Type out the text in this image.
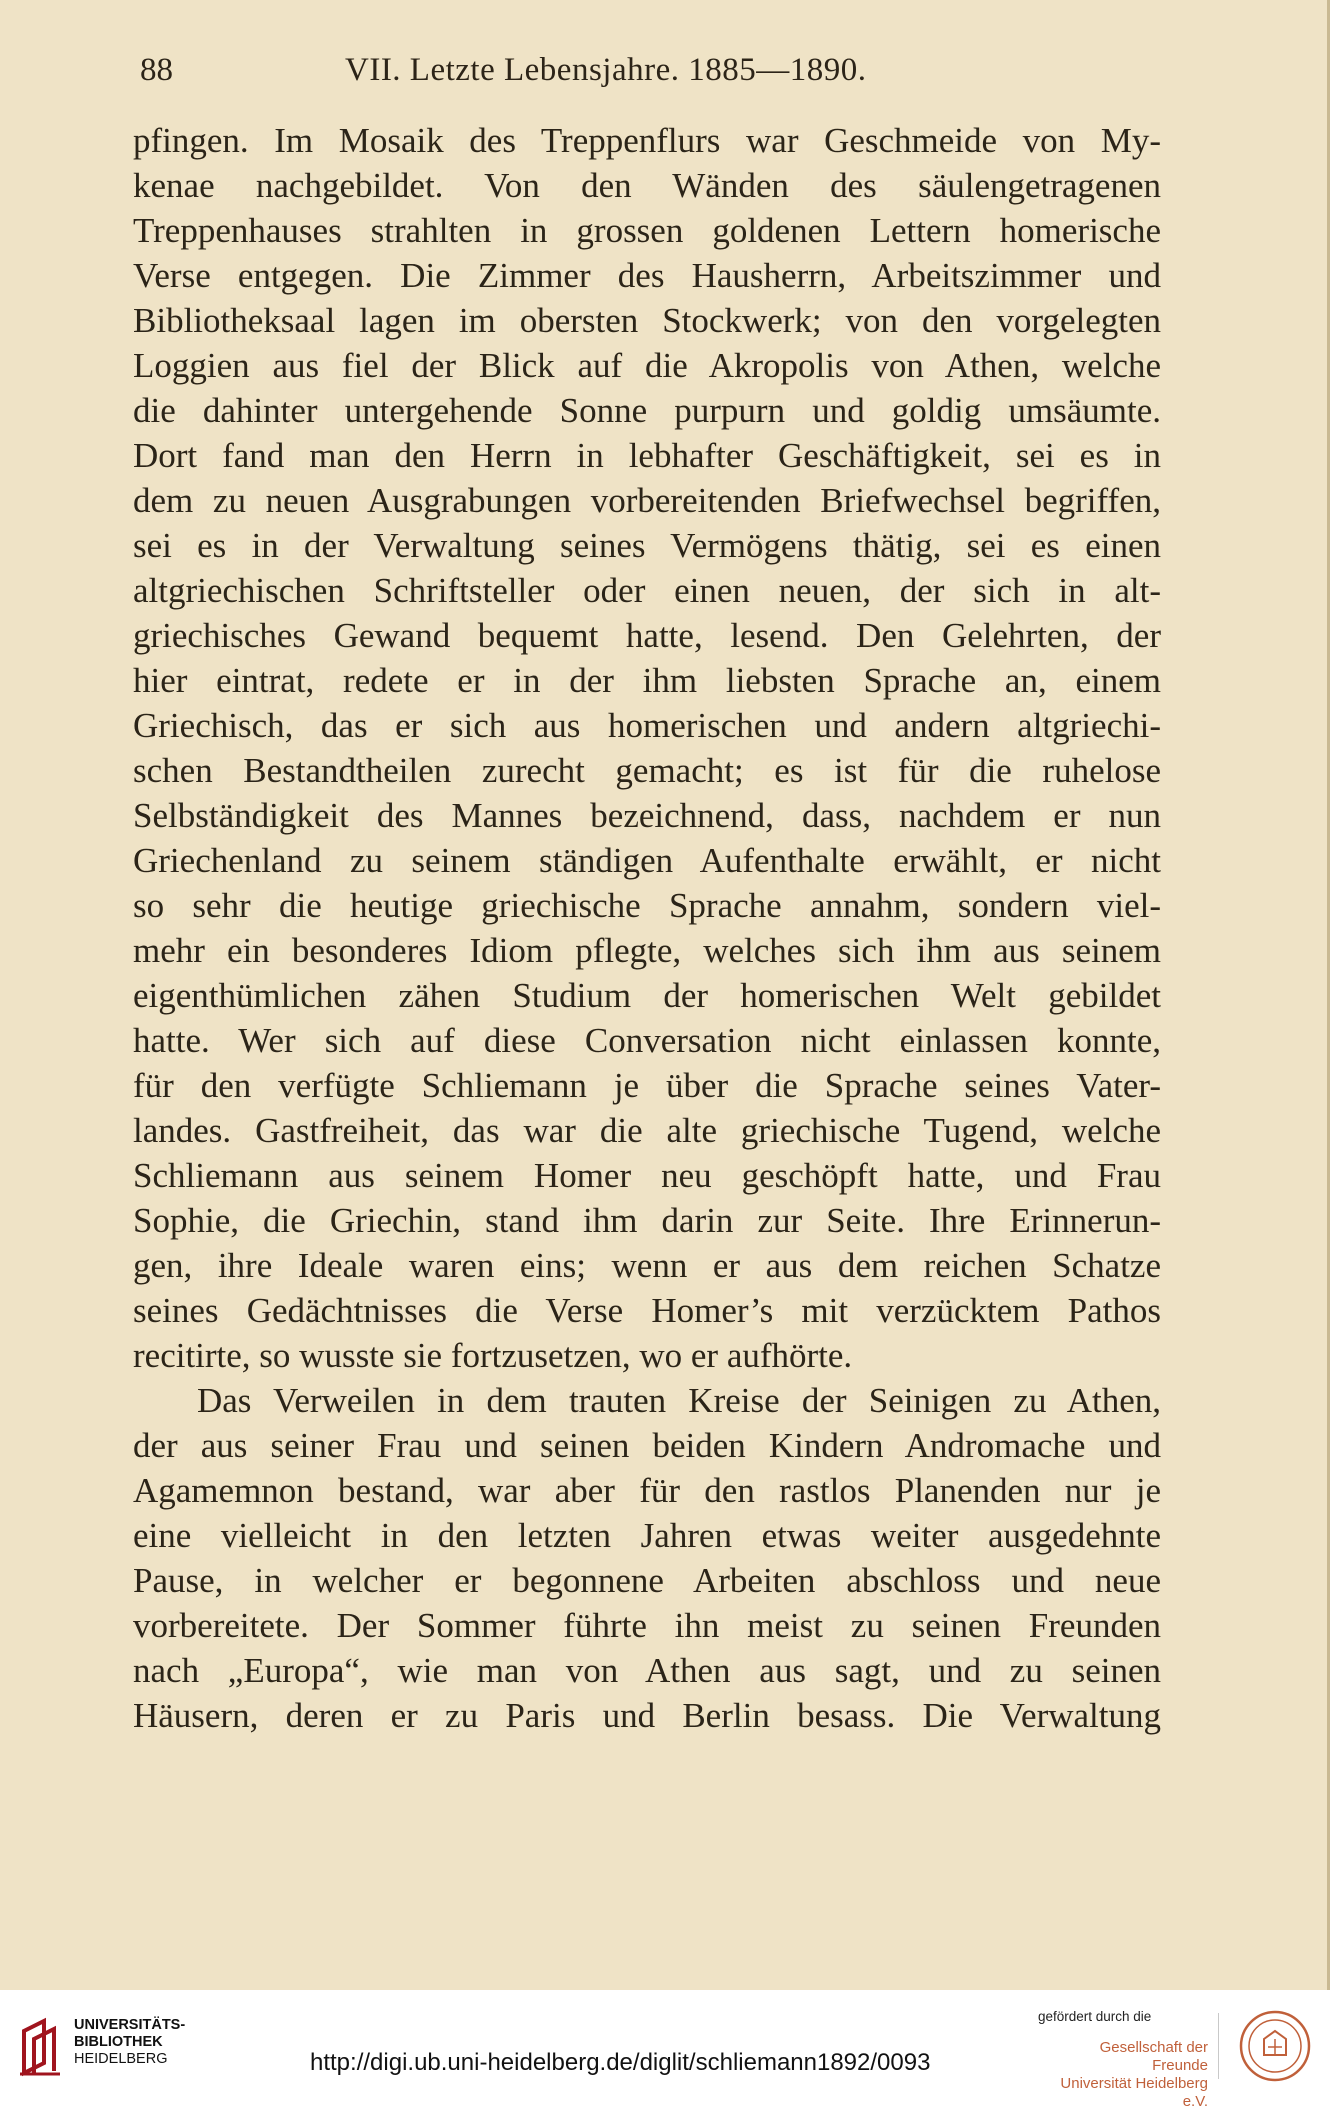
88	VII. Letzte Lebensjahre. 1885—1890.
pfingen. Im Mosaik des Treppenflurs war Geschmeide von My-
kenae nachgebildet. Von den Wänden des säulengetragenen
Treppenhauses strahlten in grossen goldenen Lettern homerische
Verse entgegen. Die Zimmer des Hausherrn, Arbeitszimmer und
Bibliotheksaal lagen im obersten Stockwerk; von den vorgelegten
Loggien aus fiel der Blick auf die Akropolis von Athen, welche
die dahinter untergehende Sonne purpurn und goldig umsäumte.
Dort fand man den Herrn in lebhafter Geschäftigkeit, sei es in
dem zu neuen Ausgrabungen vorbereitenden Briefwechsel begriffen,
sei es in der Verwaltung seines Vermögens thätig, sei es einen
altgriechischen Schriftsteller oder einen neuen, der sich in alt-
griechisches Gewand bequemt hatte, lesend. Den Gelehrten, der
hier eintrat, redete er in der ihm liebsten Sprache an, einem
Griechisch, das er sich aus homerischen und andern altgriechi-
schen Bestandtheilen zurecht gemacht; es ist für die ruhelose
Selbständigkeit des Mannes bezeichnend, dass, nachdem er nun
Griechenland zu seinem ständigen Aufenthalte erwählt, er nicht
so sehr die heutige griechische Sprache annahm, sondern viel-
mehr ein besonderes Idiom pflegte, welches sich ihm aus seinem
eigenthümlichen zähen Studium der homerischen Welt gebildet
hatte. Wer sich auf diese Conversation nicht einlassen konnte,
für den verfügte Schliemann je über die Sprache seines Vater-
landes. Gastfreiheit, das war die alte griechische Tugend, welche
Schliemann aus seinem Homer neu geschöpft hatte, und Frau
Sophie, die Griechin, stand ihm darin zur Seite. Ihre Erinnerun-
gen, ihre Ideale waren eins; wenn er aus dem reichen Schatze
seines Gedächtnisses die Verse Homer’s mit verzücktem Pathos
recitirte, so wusste sie fortzusetzen, wo er aufhörte.
Das Verweilen in dem trauten Kreise der Seinigen zu Athen,
der aus seiner Frau und seinen beiden Kindern Andromache und
Agamemnon bestand, war aber für den rastlos Planenden nur je
eine vielleicht in den letzten Jahren etwas weiter ausgedehnte
Pause, in welcher er begonnene Arbeiten abschloss und neue
vorbereitete. Der Sommer führte ihn meist zu seinen Freunden
nach „Europa“, wie man von Athen aus sagt, und zu seinen
Häusern, deren er zu Paris und Berlin besass. Die Verwaltung
UNIVERSITÄTS-
BIBLIOTHEK
HEIDELBERG	http://digi.ub.uni-heidelberg.de/diglit/schliemann1892/0093
gefördert durch die
Gesellschaft der Freunde
Universität Heidelberg e.V.
